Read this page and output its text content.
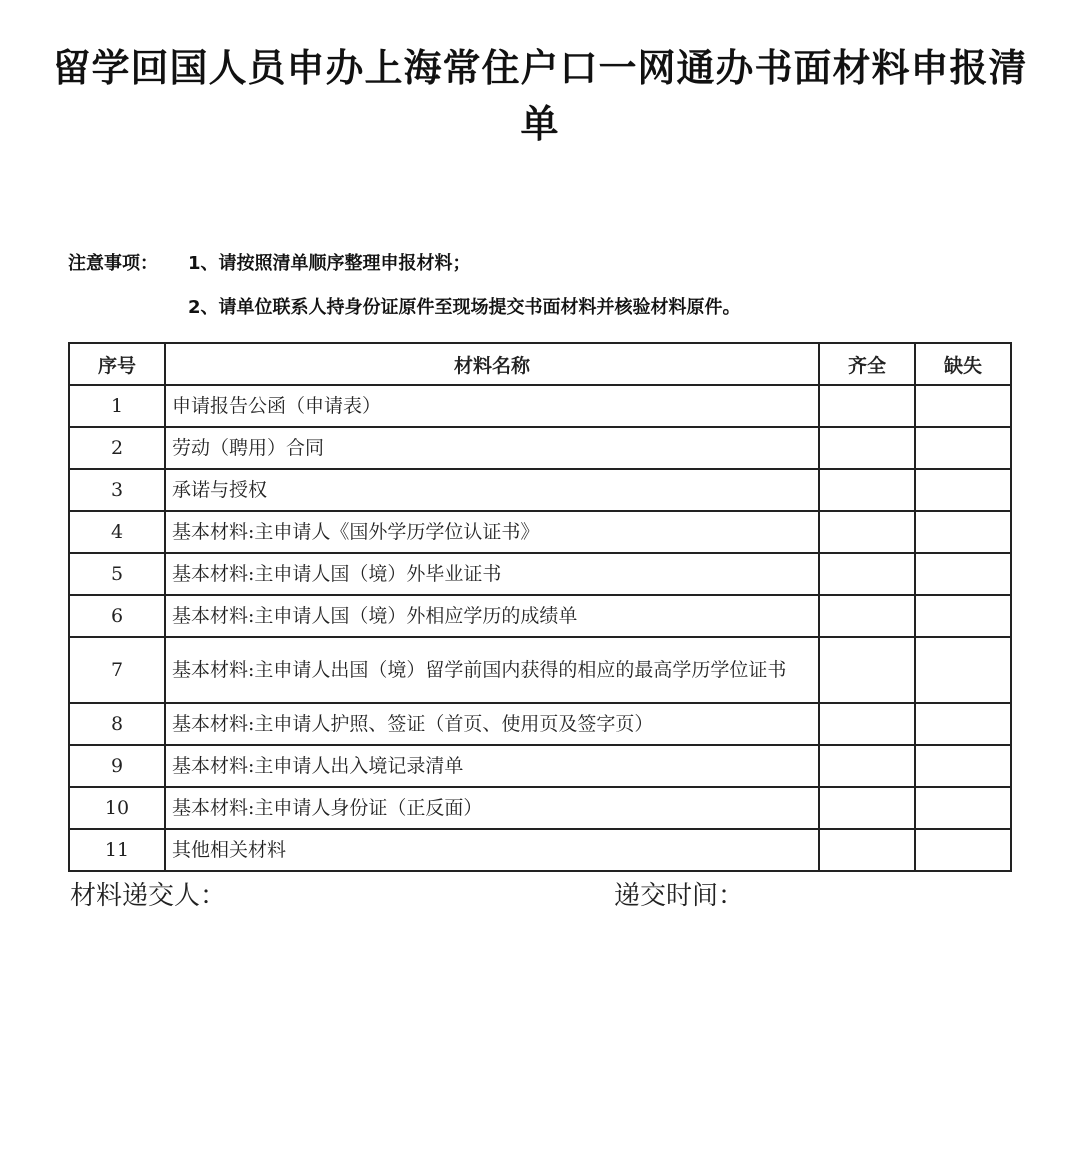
留学回国人员申办上海常住户口一网通办书面材料申报清单
注意事项：	1、请按照清单顺序整理申报材料；
2、请单位联系人持身份证原件至现场提交书面材料并核验材料原件。
序号	材料名称	齐全	缺失
1	申请报告公函（申请表）		
2	劳动（聘用）合同		
3	承诺与授权		
4	基本材料:主申请人《国外学历学位认证书》		
5	基本材料:主申请人国（境）外毕业证书		
6	基本材料:主申请人国（境）外相应学历的成绩单		
7	基本材料:主申请人出国（境）留学前国内获得的相应的最高学历学位证书		
8	基本材料:主申请人护照、签证（首页、使用页及签字页）		
9	基本材料:主申请人出入境记录清单		
10	基本材料:主申请人身份证（正反面）		
11	其他相关材料		
材料递交人：	递交时间：
